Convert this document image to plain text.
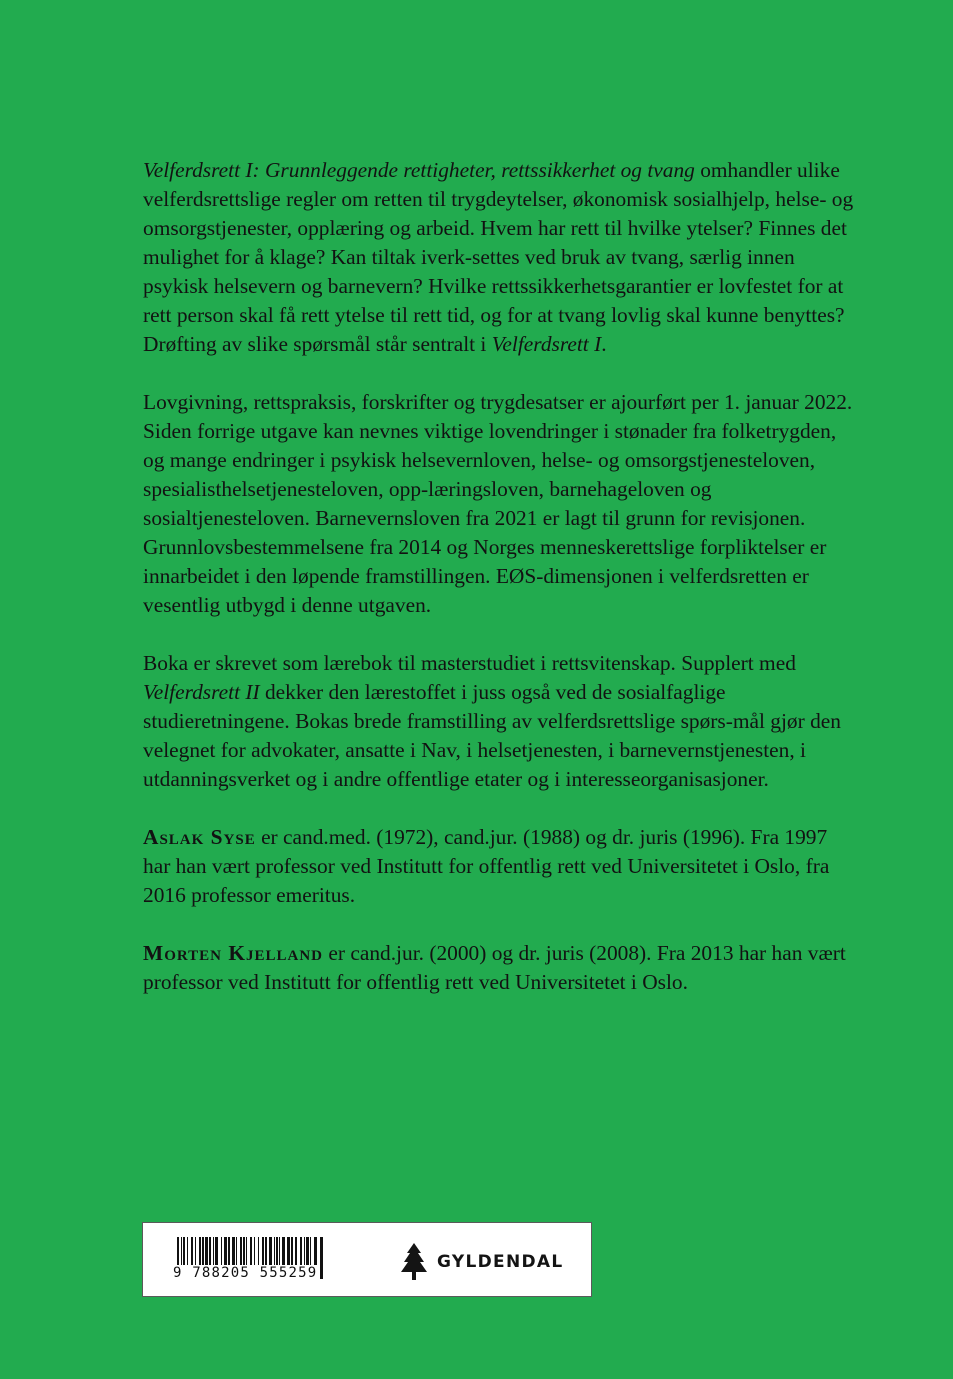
Velferdsrett I: Grunnleggende rettigheter, rettssikkerhet og tvang omhandler ulike velferdsrettslige regler om retten til trygdeytelser, økonomisk sosialhjelp, helse- og omsorgstjenester, opplæring og arbeid. Hvem har rett til hvilke ytelser? Finnes det mulighet for å klage? Kan tiltak iverk-settes ved bruk av tvang, særlig innen psykisk helsevern og barnevern? Hvilke rettssikkerhetsgarantier er lovfestet for at rett person skal få rett ytelse til rett tid, og for at tvang lovlig skal kunne benyttes? Drøfting av slike spørsmål står sentralt i Velferdsrett I.

Lovgivning, rettspraksis, forskrifter og trygdesatser er ajourført per 1. januar 2022. Siden forrige utgave kan nevnes viktige lovendringer i stønader fra folketrygden, og mange endringer i psykisk helsevernloven, helse- og omsorgstjenesteloven, spesialisthelsetjenesteloven, opp-læringsloven, barnehageloven og sosialtjenesteloven. Barnevernsloven fra 2021 er lagt til grunn for revisjonen. Grunnlovsbestemmelsene fra 2014 og Norges menneskerettslige forpliktelser er innarbeidet i den løpende framstillingen. EØS-dimensjonen i velferdsretten er vesentlig utbygd i denne utgaven.

Boka er skrevet som lærebok til masterstudiet i rettsvitenskap. Supplert med Velferdsrett II dekker den lærestoffet i juss også ved de sosialfaglige studieretningene. Bokas brede framstilling av velferdsrettslige spørs-mål gjør den velegnet for advokater, ansatte i Nav, i helsetjenesten, i barnevernstjenesten, i utdanningsverket og i andre offentlige etater og i interesseorganisasjoner.

Aslak Syse er cand.med. (1972), cand.jur. (1988) og dr. juris (1996). Fra 1997 har han vært professor ved Institutt for offentlig rett ved Universitetet i Oslo, fra 2016 professor emeritus.

Morten Kjelland er cand.jur. (2000) og dr. juris (2008). Fra 2013 har han vært professor ved Institutt for offentlig rett ved Universitetet i Oslo.

9 788205 555259
GYLDENDAL
